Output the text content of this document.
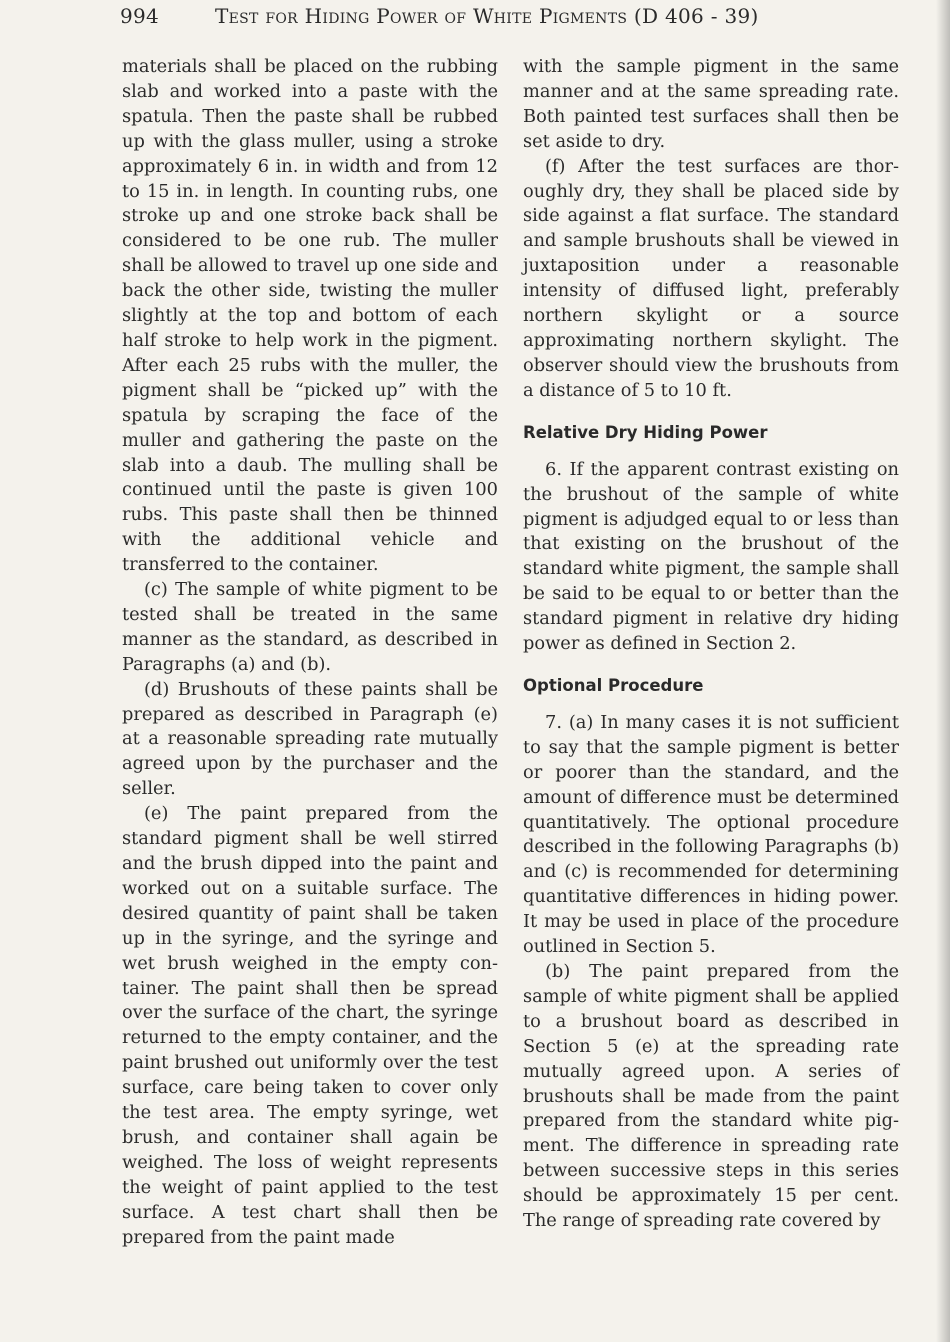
994	Test for Hiding Power of White Pigments (D 406 - 39)

materials shall be placed on the rubbing slab and worked into a paste with the spatula. Then the paste shall be rubbed up with the glass muller, using a stroke approximately 6 in. in width and from 12 to 15 in. in length. In counting rubs, one stroke up and one stroke back shall be considered to be one rub. The muller shall be allowed to travel up one side and back the other side, twisting the muller slightly at the top and bottom of each half stroke to help work in the pigment. After each 25 rubs with the muller, the pigment shall be “picked up” with the spatula by scraping the face of the muller and gathering the paste on the slab into a daub. The mulling shall be continued until the paste is given 100 rubs. This paste shall then be thinned with the additional vehicle and transferred to the container.

(c) The sample of white pigment to be tested shall be treated in the same manner as the standard, as described in Paragraphs (a) and (b).

(d) Brushouts of these paints shall be prepared as described in Paragraph (e) at a reasonable spreading rate mutually agreed upon by the purchaser and the seller.

(e) The paint prepared from the standard pigment shall be well stirred and the brush dipped into the paint and worked out on a suitable surface. The desired quantity of paint shall be taken up in the syringe, and the syringe and wet brush weighed in the empty container. The paint shall then be spread over the surface of the chart, the syringe returned to the empty container, and the paint brushed out uniformly over the test surface, care being taken to cover only the test area. The empty syringe, wet brush, and container shall again be weighed. The loss of weight represents the weight of paint applied to the test surface. A test chart shall then be prepared from the paint made

with the sample pigment in the same manner and at the same spreading rate. Both painted test surfaces shall then be set aside to dry.

(f) After the test surfaces are thoroughly dry, they shall be placed side by side against a flat surface. The standard and sample brushouts shall be viewed in juxtaposition under a reasonable intensity of diffused light, preferably northern skylight or a source approximating northern skylight. The observer should view the brushouts from a distance of 5 to 10 ft.

Relative Dry Hiding Power

6. If the apparent contrast existing on the brushout of the sample of white pigment is adjudged equal to or less than that existing on the brushout of the standard white pigment, the sample shall be said to be equal to or better than the standard pigment in relative dry hiding power as defined in Section 2.

Optional Procedure

7. (a) In many cases it is not sufficient to say that the sample pigment is better or poorer than the standard, and the amount of difference must be determined quantitatively. The optional procedure described in the following Paragraphs (b) and (c) is recommended for determining quantitative differences in hiding power. It may be used in place of the procedure outlined in Section 5.

(b) The paint prepared from the sample of white pigment shall be applied to a brushout board as described in Section 5 (e) at the spreading rate mutually agreed upon. A series of brushouts shall be made from the paint prepared from the standard white pigment. The difference in spreading rate between successive steps in this series should be approximately 15 per cent. The range of spreading rate covered by
